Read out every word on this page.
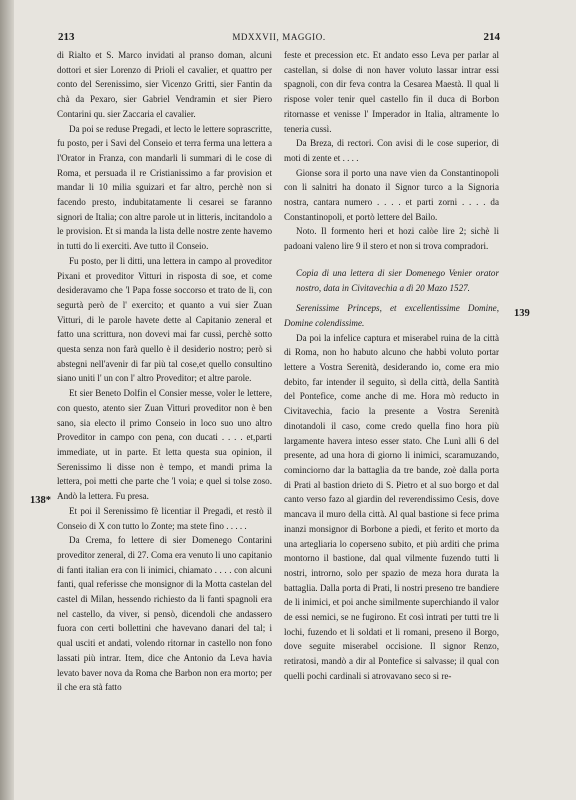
213	MDXXVII, MAGGIO.	214
138*
139

di Rialto et S. Marco invidati al pranso doman, alcuni dottori et sier Lorenzo di Prioli el cavalier, et quattro per conto del Serenissimo, sier Vicenzo Gritti, sier Fantin da chà da Pexaro, sier Gabriel Vendramin et sier Piero Contarini qu. sier Zaccaria el cavalier.

Da poi se reduse Pregadi, et lecto le lettere soprascritte, fu posto, per i Savi del Conseio et terra ferma una lettera a l'Orator in Franza, con mandarli li summari di le cose di Roma, et persuada il re Cristianissimo a far provision et mandar li 10 milia sguizari et far altro, perchè non si facendo presto, indubitatamente li cesarei se faranno signori de Italia; con altre parole ut in litteris, incitandolo a le provision. Et si manda la lista delle nostre zente havemo in tutti do li exerciti. Ave tutto il Conseio.

Fu posto, per li ditti, una lettera in campo al proveditor Pixani et proveditor Vitturi in risposta di soe, et come desideravamo che 'l Papa fosse soccorso et trato de lì, con segurtà però de l' exercito; et quanto a vui sier Zuan Vitturi, di le parole havete dette al Capitanio zeneral et fatto una scrittura, non dovevi mai far cussì, perchè sotto questa senza non farà quello è il desiderio nostro; però si abstegni nell'avenir di far più tal cose,et quello consultino siano uniti l' un con l' altro Proveditor; et altre parole.

Et sier Beneto Dolfin el Consier messe, voler le lettere, con questo, atento sier Zuan Vitturi proveditor non è ben sano, sia electo il primo Conseio in loco suo uno altro Proveditor in campo con pena, con ducati . . . . et,parti immediate, ut in parte. Et letta questa sua opinion, il Serenissimo li disse non è tempo, et mandi prima la lettera, poi metti che parte che 'l voia; e quel si tolse zoso. Andò la lettera. Fu presa.

Et poi il Serenissimo fè licentiar il Pregadi, et restò il Conseio di X con tutto lo Zonte; ma stete fino . . . . .

Da Crema, fo lettere di sier Domenego Contarini proveditor zeneral, di 27. Coma era venuto li uno capitanio di fanti italian era con li inimici, chiamato . . . . con alcuni fanti, qual referisse che monsignor di la Motta castelan del castel di Milan, hessendo richiesto da li fanti spagnoli era nel castello, da viver, si pensò, dicendoli che andassero fuora con certi bollettini che havevano danari del tal; i qual usciti et andati, volendo ritornar in castello non fono lassati più intrar. Item, dice che Antonio da Leva havia levato baver nova da Roma che Barbon non era morto; per il che era stà fatto

feste et precession etc. Et andato esso Leva per parlar al castellan, si dolse di non haver voluto lassar intrar essi spagnoli, con dir feva contra la Cesarea Maestà. Il qual li rispose voler tenir quel castello fin il duca di Borbon ritornasse et venisse l' Imperador in Italia, altramente lo teneria cussì.

Da Breza, di rectori. Con avisi di le cose superior, di moti di zente et . . . .

Gionse sora il porto una nave vien da Constantinopoli con li salnitri ha donato il Signor turco a la Signoria nostra, cantara numero . . . . et parti zorni . . . . da Constantinopoli, et portò lettere del Bailo.

Noto. Il formento heri et hozi calòe lire 2; sichè li padoani valeno lire 9 il stero et non si trova compradori.

Copia di una lettera di sier Domenego Venier orator nostro, data in Civitavechia a dì 20 Mazo 1527.

Serenissime Princeps, et excellentissime Domine, Domine colendissime.

Da poi la infelice captura et miserabel ruina de la città di Roma, non ho habuto alcuno che habbi voluto portar lettere a Vostra Serenità, desiderando io, come era mio debito, far intender il seguito, sì della città, della Santità del Pontefice, come anche di me. Hora mò reducto in Civitavechia, facio la presente a Vostra Serenità dinotandoli il caso, come credo quella fino hora più largamente havera inteso esser stato. Che Lunì alli 6 del presente, ad una hora di giorno li inimici, scaramuzando, cominciorno dar la battaglia da tre bande, zoè dalla porta di Prati al bastion drieto di S. Pietro et al suo borgo et dal canto verso fazo al giardin del reverendissimo Cesis, dove mancava il muro della città. Al qual bastione si fece prima inanzi monsignor di Borbone a piedi, et ferito et morto da una artegliaria lo coperseno subito, et più arditi che prima montorno il bastione, dal qual vilmente fuzendo tutti li nostri, introrno, solo per spazio de meza hora durata la battaglia. Dalla porta di Prati, li nostri preseno tre bandiere de li inimici, et poi anche similmente superchiando il valor de essi nemici, se ne fugirono. Et così intrati per tutti tre li lochi, fuzendo et li soldati et li romani, preseno il Borgo, dove seguite miserabel occisione. Il signor Renzo, retiratosi, mandò a dir al Pontefice si salvasse; il qual con quelli pochi cardinali si atrovavano seco si re-
